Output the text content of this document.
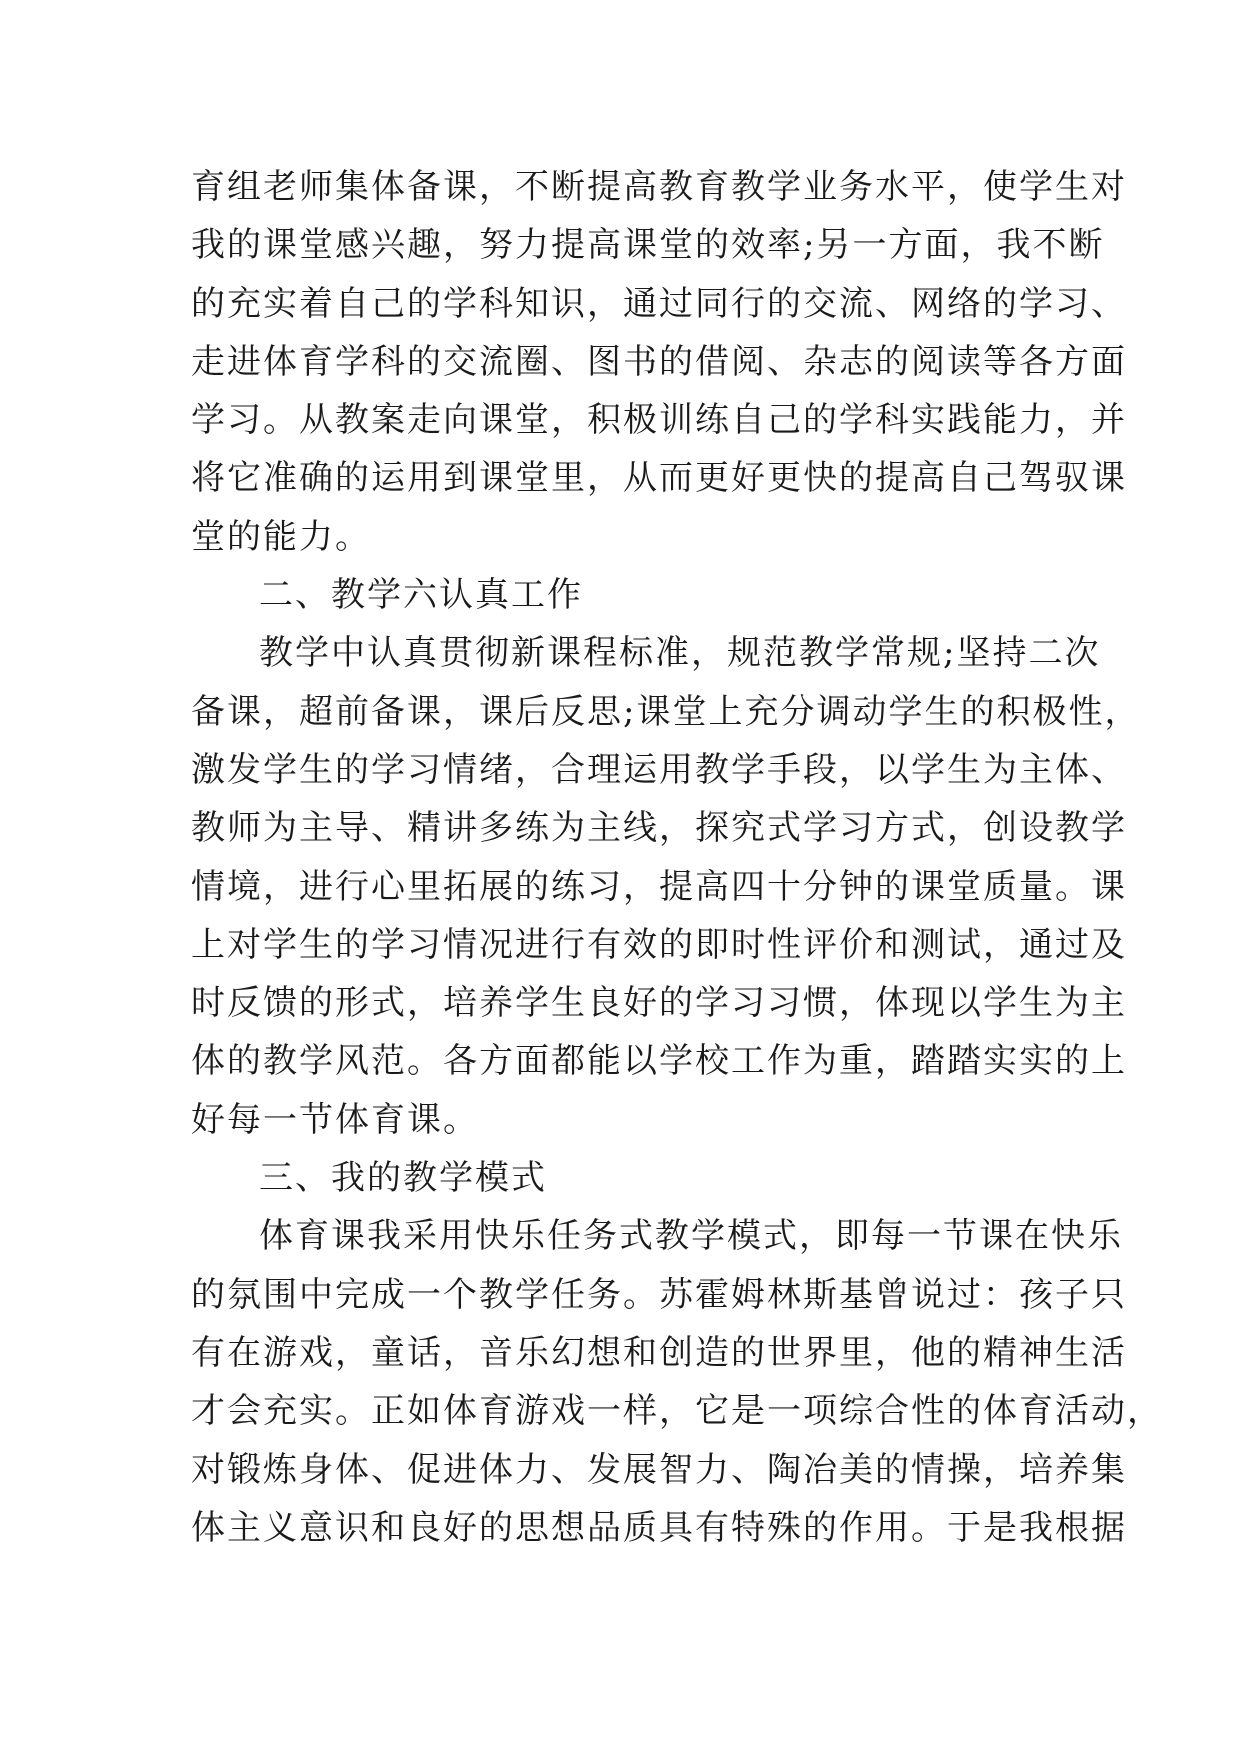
育组老师集体备课，不断提高教育教学业务水平，使学生对
我的课堂感兴趣，努力提高课堂的效率;另一方面，我不断
的充实着自己的学科知识，通过同行的交流、网络的学习、
走进体育学科的交流圈、图书的借阅、杂志的阅读等各方面
学习。从教案走向课堂，积极训练自己的学科实践能力，并
将它准确的运用到课堂里，从而更好更快的提高自己驾驭课
堂的能力。
二、教学六认真工作
教学中认真贯彻新课程标准，规范教学常规;坚持二次
备课，超前备课，课后反思;课堂上充分调动学生的积极性，
激发学生的学习情绪，合理运用教学手段，以学生为主体、
教师为主导、精讲多练为主线，探究式学习方式，创设教学
情境，进行心里拓展的练习，提高四十分钟的课堂质量。课
上对学生的学习情况进行有效的即时性评价和测试，通过及
时反馈的形式，培养学生良好的学习习惯，体现以学生为主
体的教学风范。各方面都能以学校工作为重，踏踏实实的上
好每一节体育课。
三、我的教学模式
体育课我采用快乐任务式教学模式，即每一节课在快乐
的氛围中完成一个教学任务。苏霍姆林斯基曾说过：孩子只
有在游戏，童话，音乐幻想和创造的世界里，他的精神生活
才会充实。正如体育游戏一样，它是一项综合性的体育活动，
对锻炼身体、促进体力、发展智力、陶冶美的情操，培养集
体主义意识和良好的思想品质具有特殊的作用。于是我根据
